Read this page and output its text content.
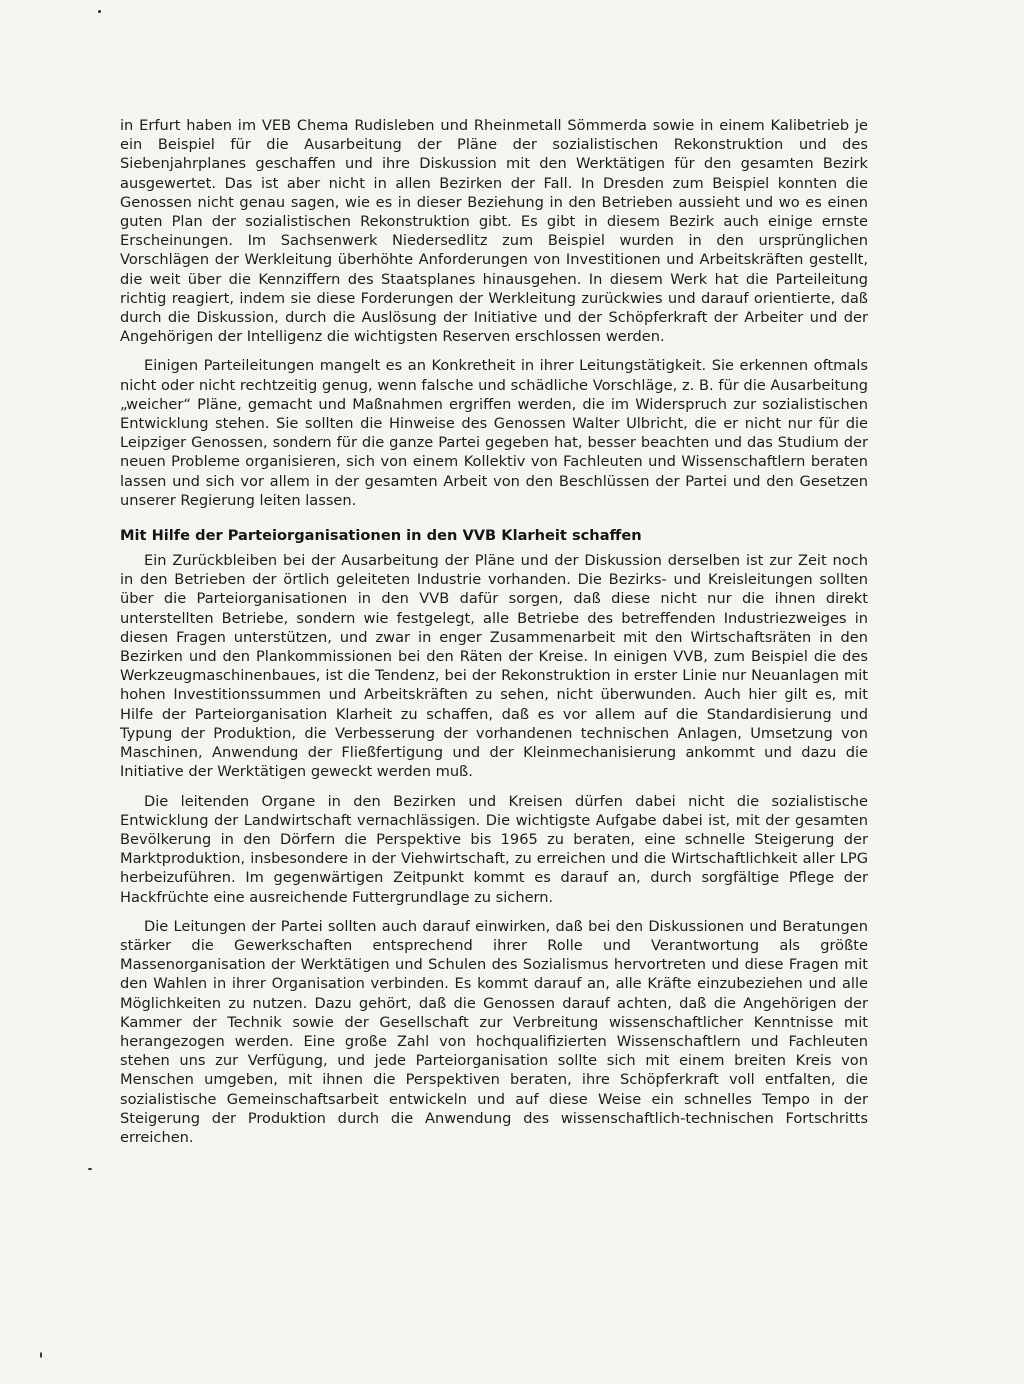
in Erfurt haben im VEB Chema Rudisleben und Rheinmetall Sömmerda sowie in einem Kalibetrieb je ein Beispiel für die Ausarbeitung der Pläne der sozialistischen Rekonstruktion und des Siebenjahrplanes geschaffen und ihre Diskussion mit den Werktätigen für den gesamten Bezirk ausgewertet. Das ist aber nicht in allen Bezirken der Fall. In Dresden zum Beispiel konnten die Genossen nicht genau sagen, wie es in dieser Beziehung in den Betrieben aussieht und wo es einen guten Plan der sozialistischen Rekonstruktion gibt. Es gibt in diesem Bezirk auch einige ernste Erscheinungen. Im Sachsenwerk Niedersedlitz zum Beispiel wurden in den ursprünglichen Vorschlägen der Werkleitung überhöhte Anforderungen von Investitionen und Arbeitskräften gestellt, die weit über die Kennziffern des Staatsplanes hinausgehen. In diesem Werk hat die Parteileitung richtig reagiert, indem sie diese Forderungen der Werkleitung zurückwies und darauf orientierte, daß durch die Diskussion, durch die Auslösung der Initiative und der Schöpferkraft der Arbeiter und der Angehörigen der Intelligenz die wichtigsten Reserven erschlossen werden.

Einigen Parteileitungen mangelt es an Konkretheit in ihrer Leitungstätigkeit. Sie erkennen oftmals nicht oder nicht rechtzeitig genug, wenn falsche und schädliche Vorschläge, z. B. für die Ausarbeitung „weicher“ Pläne, gemacht und Maßnahmen ergriffen werden, die im Widerspruch zur sozialistischen Entwicklung stehen. Sie sollten die Hinweise des Genossen Walter Ulbricht, die er nicht nur für die Leipziger Genossen, sondern für die ganze Partei gegeben hat, besser beachten und das Studium der neuen Probleme organisieren, sich von einem Kollektiv von Fachleuten und Wissenschaftlern beraten lassen und sich vor allem in der gesamten Arbeit von den Beschlüssen der Partei und den Gesetzen unserer Regierung leiten lassen.

Mit Hilfe der Parteiorganisationen in den VVB Klarheit schaffen

Ein Zurückbleiben bei der Ausarbeitung der Pläne und der Diskussion derselben ist zur Zeit noch in den Betrieben der örtlich geleiteten Industrie vorhanden. Die Bezirks- und Kreisleitungen sollten über die Parteiorganisationen in den VVB dafür sorgen, daß diese nicht nur die ihnen direkt unterstellten Betriebe, sondern wie festgelegt, alle Betriebe des betreffenden Industriezweiges in diesen Fragen unterstützen, und zwar in enger Zusammenarbeit mit den Wirtschaftsräten in den Bezirken und den Plankommissionen bei den Räten der Kreise. In einigen VVB, zum Beispiel die des Werkzeugmaschinenbaues, ist die Tendenz, bei der Rekonstruktion in erster Linie nur Neuanlagen mit hohen Investitionssummen und Arbeitskräften zu sehen, nicht überwunden. Auch hier gilt es, mit Hilfe der Parteiorganisation Klarheit zu schaffen, daß es vor allem auf die Standardisierung und Typung der Produktion, die Verbesserung der vorhandenen technischen Anlagen, Umsetzung von Maschinen, Anwendung der Fließfertigung und der Kleinmechanisierung ankommt und dazu die Initiative der Werktätigen geweckt werden muß.

Die leitenden Organe in den Bezirken und Kreisen dürfen dabei nicht die sozialistische Entwicklung der Landwirtschaft vernachlässigen. Die wichtigste Aufgabe dabei ist, mit der gesamten Bevölkerung in den Dörfern die Perspektive bis 1965 zu beraten, eine schnelle Steigerung der Marktproduktion, insbesondere in der Viehwirtschaft, zu erreichen und die Wirtschaftlichkeit aller LPG herbeizuführen. Im gegenwärtigen Zeitpunkt kommt es darauf an, durch sorgfältige Pflege der Hackfrüchte eine ausreichende Futtergrundlage zu sichern.

Die Leitungen der Partei sollten auch darauf einwirken, daß bei den Diskussionen und Beratungen stärker die Gewerkschaften entsprechend ihrer Rolle und Verantwortung als größte Massenorganisation der Werktätigen und Schulen des Sozialismus hervortreten und diese Fragen mit den Wahlen in ihrer Organisation verbinden. Es kommt darauf an, alle Kräfte einzubeziehen und alle Möglichkeiten zu nutzen. Dazu gehört, daß die Genossen darauf achten, daß die Angehörigen der Kammer der Technik sowie der Gesellschaft zur Verbreitung wissenschaftlicher Kenntnisse mit herangezogen werden. Eine große Zahl von hochqualifizierten Wissenschaftlern und Fachleuten stehen uns zur Verfügung, und jede Parteiorganisation sollte sich mit einem breiten Kreis von Menschen umgeben, mit ihnen die Perspektiven beraten, ihre Schöpferkraft voll entfalten, die sozialistische Gemeinschaftsarbeit entwickeln und auf diese Weise ein schnelles Tempo in der Steigerung der Produktion durch die Anwendung des wissenschaftlich-technischen Fortschritts erreichen.
